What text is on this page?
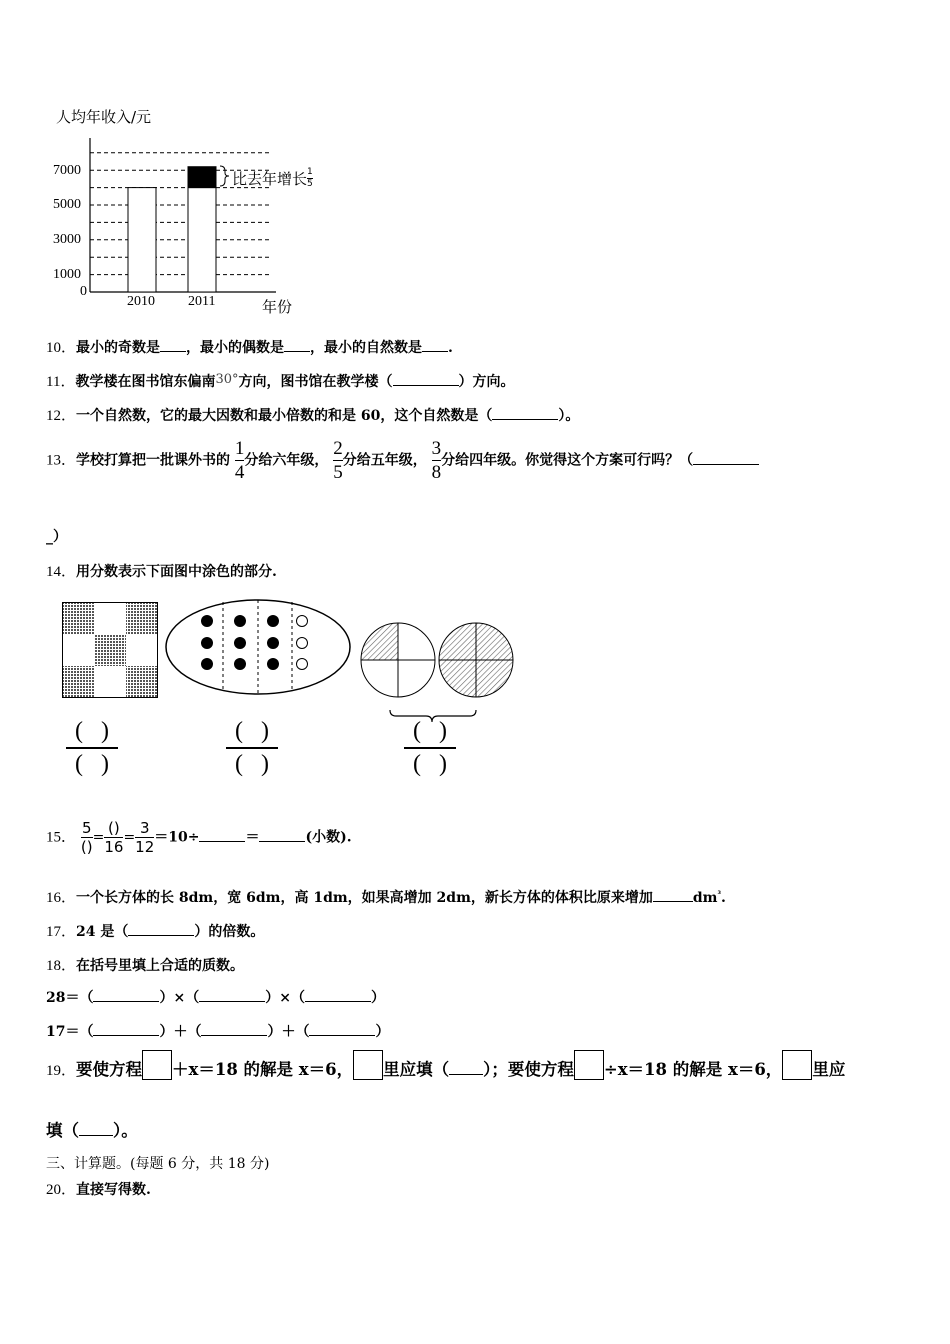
人均年收入/元
7000
5000
3000
1000
0
2010 2011	年份
比去年增长 $\frac{1}{5}$
10．最小的奇数是 ，最小的偶数是 ，最小的自然数是 .
11．教学楼在图书馆东偏南30°方向，图书馆在教学楼（	）方向。
12．一个自然数，它的最大因数和最小倍数的和是 60，这个自然数是（	）。
13．学校打算把一批课外书的 $\frac{1}{4}$ 分给六年级， $\frac{2}{5}$ 分给五年级， $\frac{3}{8}$ 分给四年级。你觉得这个方案可行吗？（
_）
14．用分数表示下面图中涂色的部分.
( )
( )
( )
( )
( )
( )
15． $\frac{5}{()} = \frac{()}{16} = \frac{3}{12} =10\div$	＝	(小数).
16．一个长方体的长 8dm，宽 6dm，高 1dm，如果高增加 2dm，新长方体的体积比原来增加	$dm^{^3}$.
17．24 是（	）的倍数。
18．在括号里填上合适的质数。
28＝（	）×（	）×（	）
17＝（	）＋（	）＋（	）
19．要使方程 ＋x＝18 的解是 x＝6， 里应填（ ）；要使方程 ÷x＝18 的解是 x＝6， 里应
填（ ）。
三、计算题。(每题 6 分，共 18 分)
20．直接写得数.
